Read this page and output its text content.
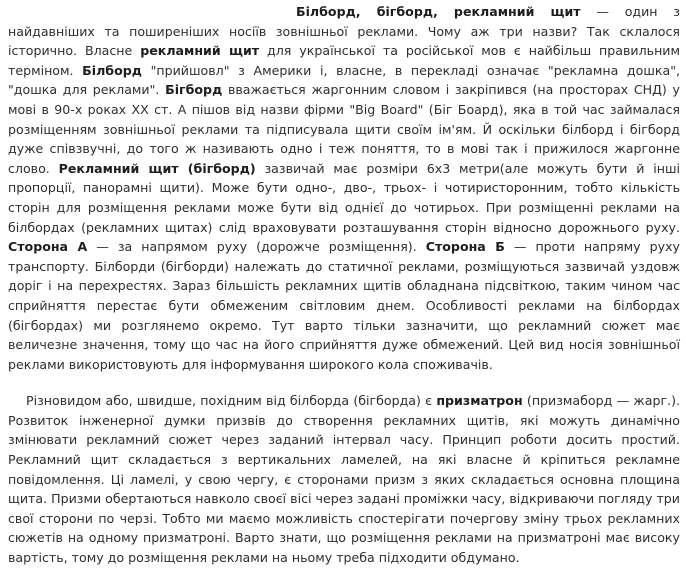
Білборд, бігборд, рекламний щит — один з найдавніших та поширеніших носіїв зовнішньої реклами. Чому аж три назви? Так склалося історично. Власне рекламний щит для української та російської мов є найбільш правильним терміном. Білборд "прийшовл" з Америки і, власне, в перекладі означає "рекламна дошка", "дошка для реклами". Бігборд вважається жаргонним словом і закріпився (на просторах СНД) у мові в 90-х роках XX ст. А пішов від назви фірми "Big Board" (Біг Боард), яка в той час займалася розміщенням зовнішньої реклами та підписувала щити своїм ім'ям. Й оскільки білборд і бігборд дуже співзвучні, до того ж називають одно і теж поняття, то в мові так і прижилося жаргонне слово. Рекламний щит (бігборд) зазвичай має розміри 6х3 метри(але можуть бути й інші пропорції, панорамні щити). Може бути одно-, дво-, трьох- і чотиристоронним, тобто кількість сторін для розміщення реклами може бути від однієї до чотирьох. При розміщенні реклами на білбордах (рекламних щитах) слід враховувати розташування сторін відносно дорожнього руху. Сторона А — за напрямом руху (дорожче розміщення). Сторона Б — проти напряму руху транспорту. Білборди (бігборди) належать до статичної реклами, розміщуються зазвичай уздовж доріг і на перехрестях. Зараз більшість рекламних щитів обладнана підсвіткою, таким чином час сприйняття перестає бути обмеженим світловим днем. Особливості реклами на білбордах (бігбордах) ми розглянемо окремо. Тут варто тільки зазначити, що рекламний сюжет має величезне значення, тому що час на його сприйняття дуже обмежений. Цей вид носія зовнішньої реклами використовують для інформування широкого кола споживачів.

Різновидом або, швидше, похідним від білборда (бігборда) є призматрон (призмаборд — жарг.). Розвиток інженерної думки призвів до створення рекламних щитів, які можуть динамічно змінювати рекламний сюжет через заданий інтервал часу. Принцип роботи досить простий. Рекламний щит складається з вертикальних ламелей, на які власне й кріпиться рекламне повідомлення. Ці ламелі, у свою чергу, є сторонами призм з яких складається основна площина щита. Призми обертаються навколо своєї вісі через задані проміжки часу, відкриваючи погляду три свої сторони по черзі. Тобто ми маємо можливість спостерігати почергову зміну трьох рекламних сюжетів на одному призматроні. Варто знати, що розміщення реклами на призматроні має високу вартість, тому до розміщення реклами на ньому треба підходити обдумано.
